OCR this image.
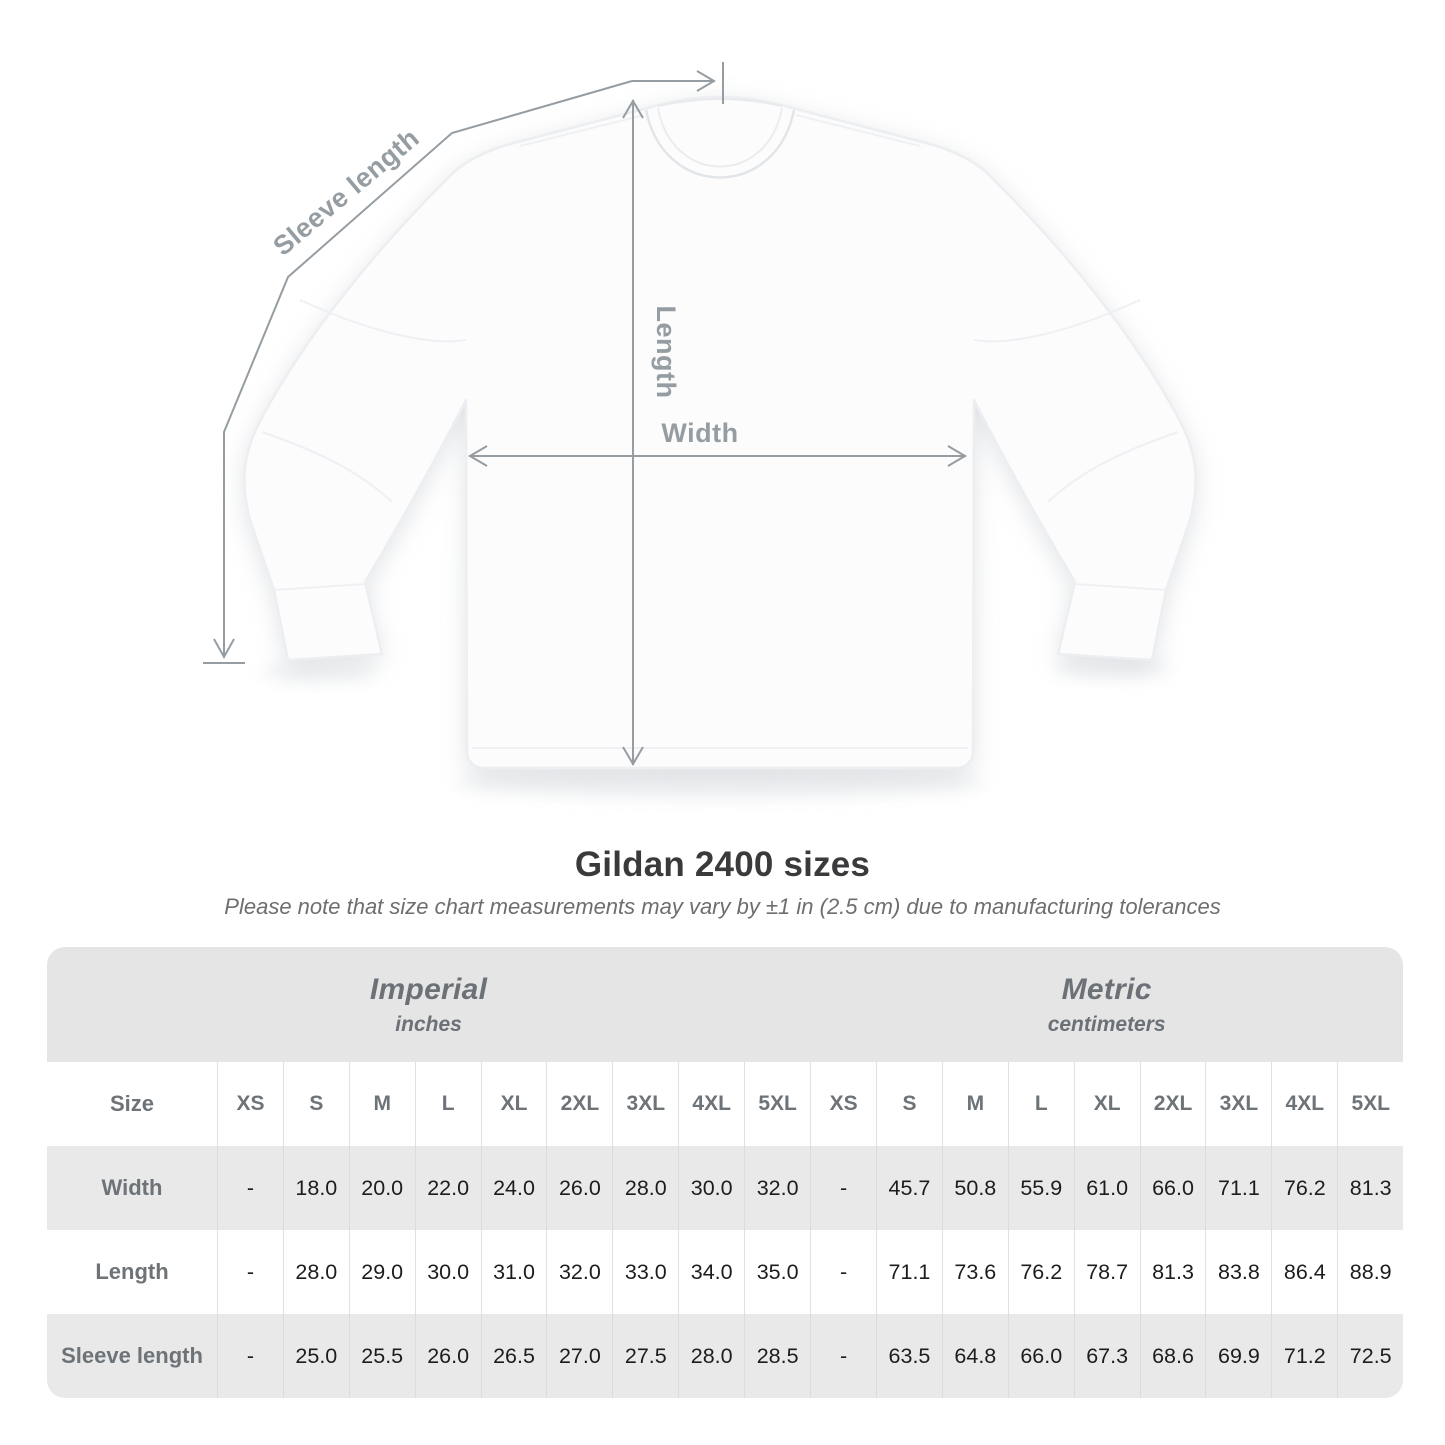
Sleeve length
Length
Width
Gildan 2400 sizes
Please note that size chart measurements may vary by ±1 in (2.5 cm) due to manufacturing tolerances
Imperial
inches

Metric
centimeters

Size	XS	S	M	L	XL	2XL	3XL	4XL	5XL	XS	S	M	L	XL	2XL	3XL	4XL	5XL
Width	-	18.0	20.0	22.0	24.0	26.0	28.0	30.0	32.0	-	45.7	50.8	55.9	61.0	66.0	71.1	76.2	81.3
Length	-	28.0	29.0	30.0	31.0	32.0	33.0	34.0	35.0	-	71.1	73.6	76.2	78.7	81.3	83.8	86.4	88.9
Sleeve length	-	25.0	25.5	26.0	26.5	27.0	27.5	28.0	28.5	-	63.5	64.8	66.0	67.3	68.6	69.9	71.2	72.5
